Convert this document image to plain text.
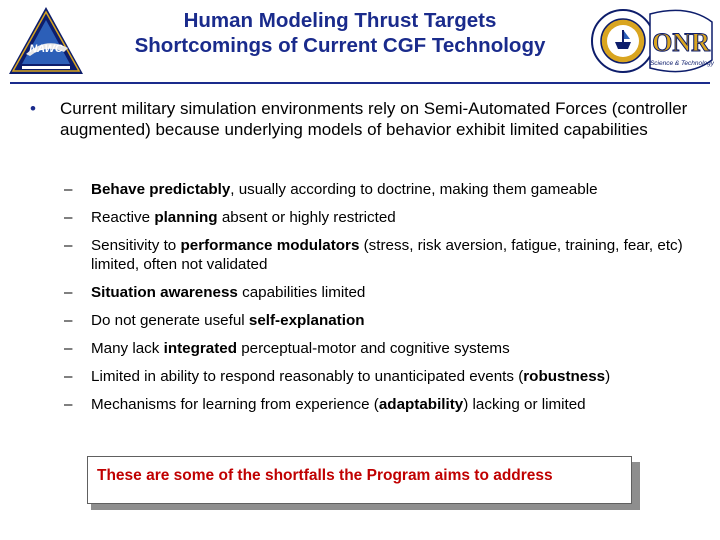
NAWC
Human Modeling Thrust Targets
Shortcomings of Current CGF Technology	ONR
Science & Technology
• Current military simulation environments rely on Semi-Automated Forces (controller augmented) because underlying models of behavior exhibit limited capabilities
– Behave predictably, usually according to doctrine, making them gameable
– Reactive planning absent or highly restricted
– Sensitivity to performance modulators (stress, risk aversion, fatigue, training, fear, etc) limited, often not validated
– Situation awareness capabilities limited
– Do not generate useful self-explanation
– Many lack integrated perceptual-motor and cognitive systems
– Limited in ability to respond reasonably to unanticipated events (robustness)
– Mechanisms for learning from experience (adaptability) lacking or limited
These are some of the shortfalls the Program aims to address
